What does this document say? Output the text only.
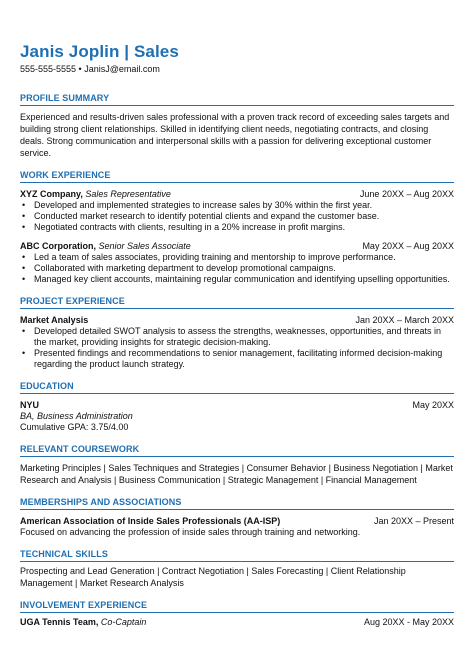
Janis Joplin | Sales
555-555-5555 • JanisJ@email.com
PROFILE SUMMARY
Experienced and results-driven sales professional with a proven track record of exceeding sales targets and building strong client relationships. Skilled in identifying client needs, negotiating contracts, and closing deals. Strong communication and interpersonal skills with a passion for delivering exceptional customer service.
WORK EXPERIENCE
XYZ Company, Sales Representative	June 20XX – Aug 20XX
• Developed and implemented strategies to increase sales by 30% within the first year.
• Conducted market research to identify potential clients and expand the customer base.
• Negotiated contracts with clients, resulting in a 20% increase in profit margins.
ABC Corporation, Senior Sales Associate	May 20XX – Aug 20XX
• Led a team of sales associates, providing training and mentorship to improve performance.
• Collaborated with marketing department to develop promotional campaigns.
• Managed key client accounts, maintaining regular communication and identifying upselling opportunities.
PROJECT EXPERIENCE
Market Analysis	Jan 20XX – March 20XX
• Developed detailed SWOT analysis to assess the strengths, weaknesses, opportunities, and threats in the market, providing insights for strategic decision-making.
• Presented findings and recommendations to senior management, facilitating informed decision-making regarding the product launch strategy.
EDUCATION
NYU	May 20XX
BA, Business Administration
Cumulative GPA: 3.75/4.00
RELEVANT COURSEWORK
Marketing Principles | Sales Techniques and Strategies | Consumer Behavior | Business Negotiation | Market Research and Analysis | Business Communication | Strategic Management | Financial Management
MEMBERSHIPS AND ASSOCIATIONS
American Association of Inside Sales Professionals (AA-ISP)	Jan 20XX – Present
Focused on advancing the profession of inside sales through training and networking.
TECHNICAL SKILLS
Prospecting and Lead Generation | Contract Negotiation | Sales Forecasting | Client Relationship Management | Market Research Analysis
INVOLVEMENT EXPERIENCE
UGA Tennis Team, Co-Captain	Aug 20XX - May 20XX
